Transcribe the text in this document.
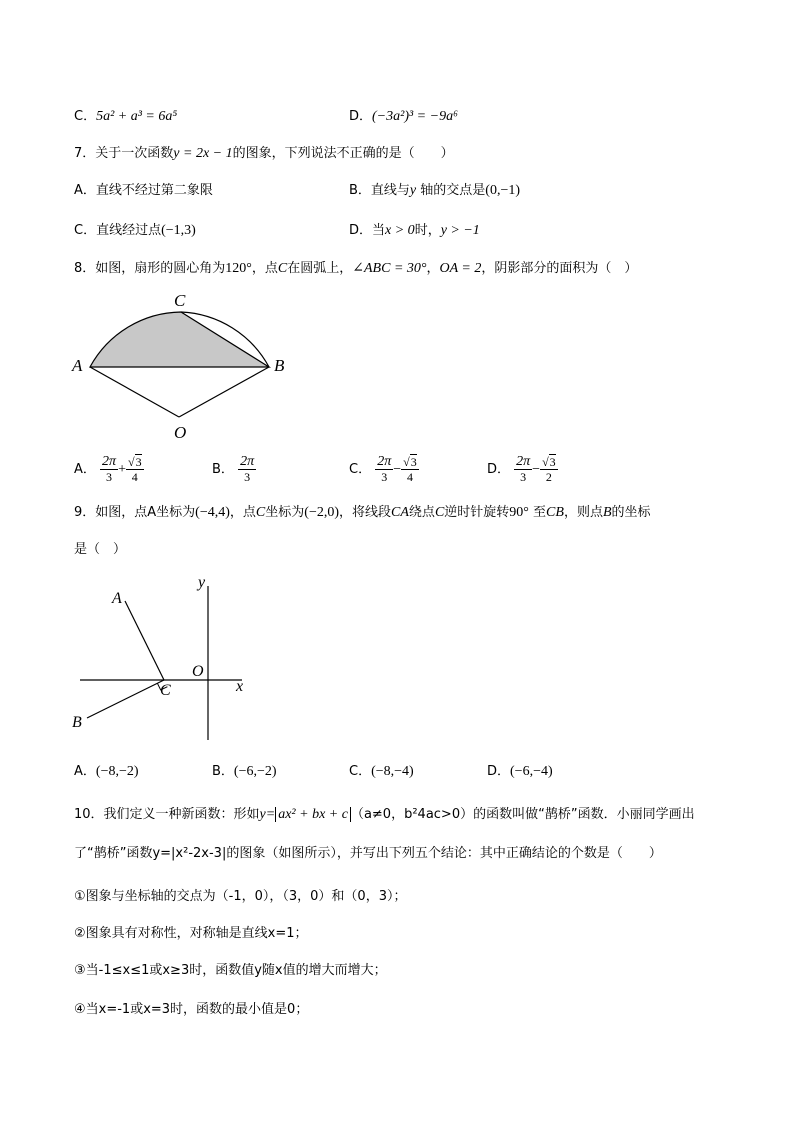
C．5a² + a³ = 6a⁵	D．(−3a²)³ = −9a⁶
7．关于一次函数y = 2x − 1的图象，下列说法不正确的是（　　）
A．直线不经过第二象限	B．直线与y 轴的交点是(0,−1)
C．直线经过点(−1,3)	D．当x > 0时，y > −1
8．如图，扇形的圆心角为120°，点C在圆弧上，∠ABC = 30°，OA = 2，阴影部分的面积为（　）
C
A	B
O
A． $\frac{2\pi}{3} + \frac{√3}{4}$	B． $\frac{2\pi}{3}$	C． $\frac{2\pi}{3} - \frac{√3}{4}$	D． $\frac{2\pi}{3} - \frac{√3}{2}$
9．如图，点A坐标为(−4,4)，点C坐标为(−2,0)，将线段CA绕点C逆时针旋转90° 至CB，则点B的坐标
是（　）
y
A
O
C	x
B
A．(−8,−2)	B．(−6,−2)	C．(−8,−4)	D．(−6,−4)
10．我们定义一种新函数：形如y= ax² + bx + c （a≠0，b²4ac>0）的函数叫做“鹊桥”函数．小丽同学画出
了“鹊桥”函数y=|x²-2x-3|的图象（如图所示），并写出下列五个结论：其中正确结论的个数是（　　）
①图象与坐标轴的交点为（-1，0），（3，0）和（0，3）；
②图象具有对称性，对称轴是直线x=1；
③当-1≤x≤1或x≥3时，函数值y随x值的增大而增大；
④当x=-1或x=3时，函数的最小值是0；
